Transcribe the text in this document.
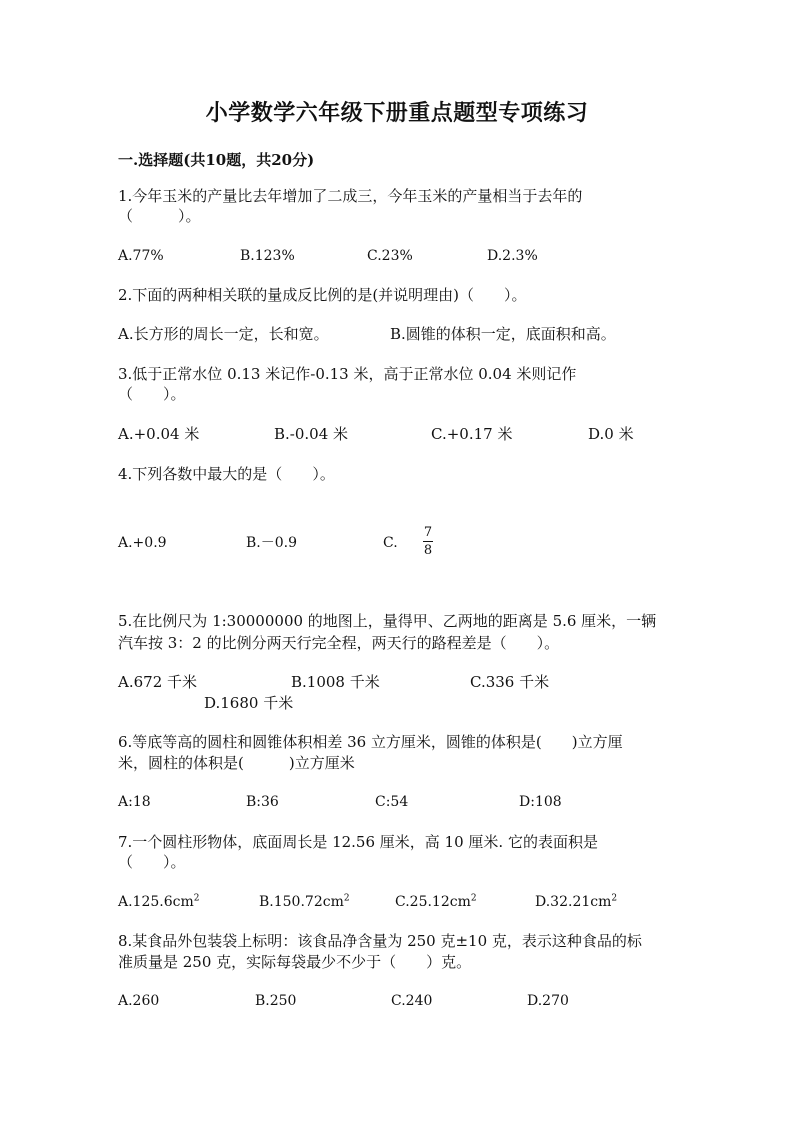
小学数学六年级下册重点题型专项练习
一.选择题(共10题，共20分)
1.今年玉米的产量比去年增加了二成三，今年玉米的产量相当于去年的
（　　　）。
A.77%	B.123%	C.23%	D.2.3%
2.下面的两种相关联的量成反比例的是(并说明理由)（　　）。
A.长方形的周长一定，长和宽。	B.圆锥的体积一定，底面积和高。
3.低于正常水位 0.13 米记作-0.13 米，高于正常水位 0.04 米则记作
（　　）。
A.+0.04 米	B.-0.04 米	C.+0.17 米	D.0 米
4.下列各数中最大的是（　　）。
A.+0.9	B.－0.9	C.
7
8
5.在比例尺为 1:30000000 的地图上，量得甲、乙两地的距离是 5.6 厘米，一辆
汽车按 3：2 的比例分两天行完全程，两天行的路程差是（　　）。
A.672 千米	B.1008 千米	C.336 千米
D.1680 千米
6.等底等高的圆柱和圆锥体积相差 36 立方厘米，圆锥的体积是(　　)立方厘
米，圆柱的体积是(　　　)立方厘米
A:18	B:36	C:54	D:108
7.一个圆柱形物体，底面周长是 12.56 厘米，高 10 厘米. 它的表面积是
（　　）。
$A.125.6cm^2$	$B.150.72cm^2$	$C.25.12cm^2$	$D.32.21cm^2$
8.某食品外包装袋上标明：该食品净含量为 250 克±10 克，表示这种食品的标
准质量是 250 克，实际每袋最少不少于（　　）克。
A.260	B.250	C.240	D.270
